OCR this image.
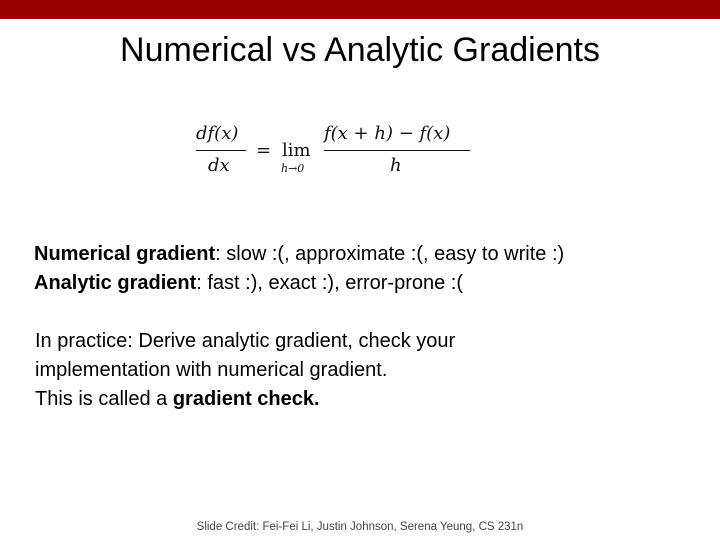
Numerical vs Analytic Gradients
df(x)
dx
= lim
h→0
f(x + h) − f(x)
h
Numerical gradient: slow :(, approximate :(, easy to write :)
Analytic gradient: fast :), exact :), error-prone :(
In practice: Derive analytic gradient, check your
implementation with numerical gradient.
This is called a gradient check.
Slide Credit: Fei-Fei Li, Justin Johnson, Serena Yeung, CS 231n
